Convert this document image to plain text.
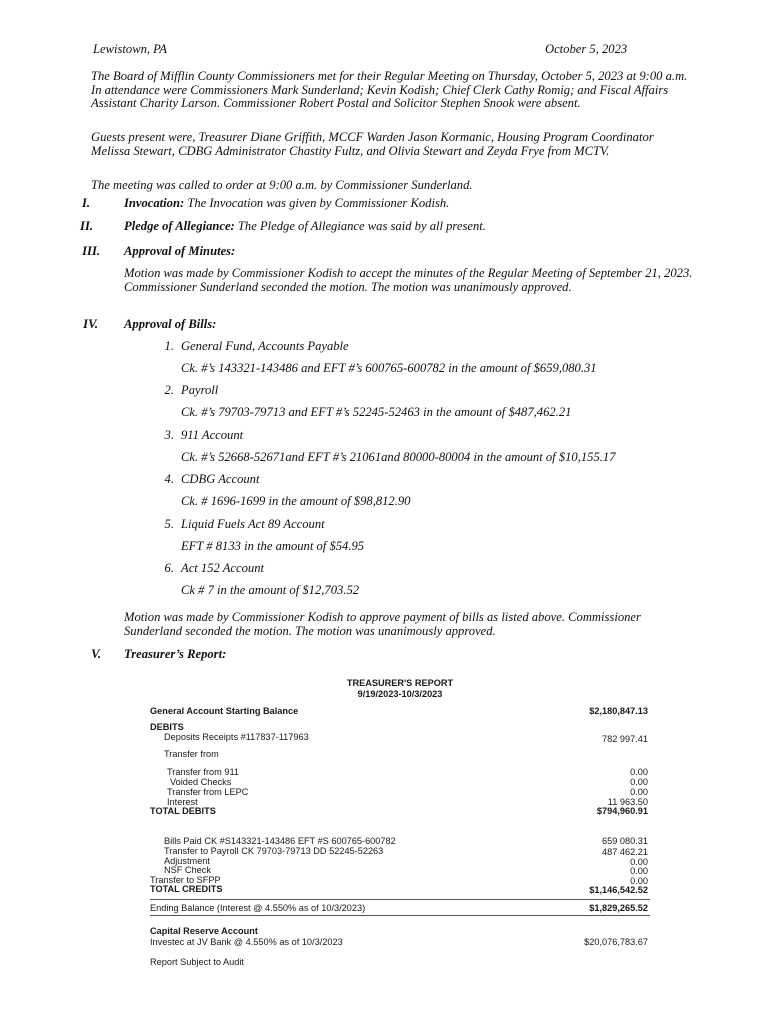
Lewistown, PA	October 5, 2023
The Board of Mifflin County Commissioners met for their Regular Meeting on Thursday, October 5, 2023 at 9:00 a.m. In attendance were Commissioners Mark Sunderland; Kevin Kodish; Chief Clerk Cathy Romig; and Fiscal Affairs Assistant Charity Larson. Commissioner Robert Postal and Solicitor Stephen Snook were absent.
Guests present were, Treasurer Diane Griffith, MCCF Warden Jason Kormanic, Housing Program Coordinator Melissa Stewart, CDBG Administrator Chastity Fultz, and Olivia Stewart and Zeyda Frye from MCTV.
The meeting was called to order at 9:00 a.m. by Commissioner Sunderland.
I.	Invocation: The Invocation was given by Commissioner Kodish.
II. Pledge of Allegiance: The Pledge of Allegiance was said by all present.
III. Approval of Minutes:
Motion was made by Commissioner Kodish to accept the minutes of the Regular Meeting of September 21, 2023. Commissioner Sunderland seconded the motion. The motion was unanimously approved.
IV. Approval of Bills:
1. General Fund, Accounts Payable
Ck. #’s 143321-143486 and EFT #’s 600765-600782 in the amount of $659,080.31
2. Payroll
Ck. #’s 79703-79713 and EFT #’s 52245-52463 in the amount of $487,462.21
3. 911 Account
Ck. #’s 52668-52671and EFT #’s 21061and 80000-80004 in the amount of $10,155.17
4. CDBG Account
Ck. # 1696-1699 in the amount of $98,812.90
5. Liquid Fuels Act 89 Account
EFT # 8133 in the amount of $54.95
6. Act 152 Account
Ck # 7 in the amount of $12,703.52
Motion was made by Commissioner Kodish to approve payment of bills as listed above. Commissioner Sunderland seconded the motion. The motion was unanimously approved.
V. Treasurer’s Report:
TREASURER'S REPORT
9/19/2023-10/3/2023
General Account Starting Balance	$2,180,847.13
DEBITS
Deposits Receipts #117837-117963	782 997.41
Transfer from
Transfer from 911	0.00
Voided Checks	0.00
Transfer from LEPC	0.00
Interest	11 963.50
TOTAL DEBITS	$794,960.91
Bills Paid CK #S143321-143486 EFT #S 600765-600782	659 080.31
Transfer to Payroll CK 79703-79713 DD 52245-52263	487 462.21
Adjustment	0.00
NSF Check	0.00
Transfer to SFPP	0.00
TOTAL CREDITS	$1,146,542.52
Ending Balance (Interest @ 4.550% as of 10/3/2023)	$1,829,265.52
Capital Reserve Account
Investec at JV Bank @ 4.550% as of 10/3/2023	$20,076,783.67
Report Subject to Audit
